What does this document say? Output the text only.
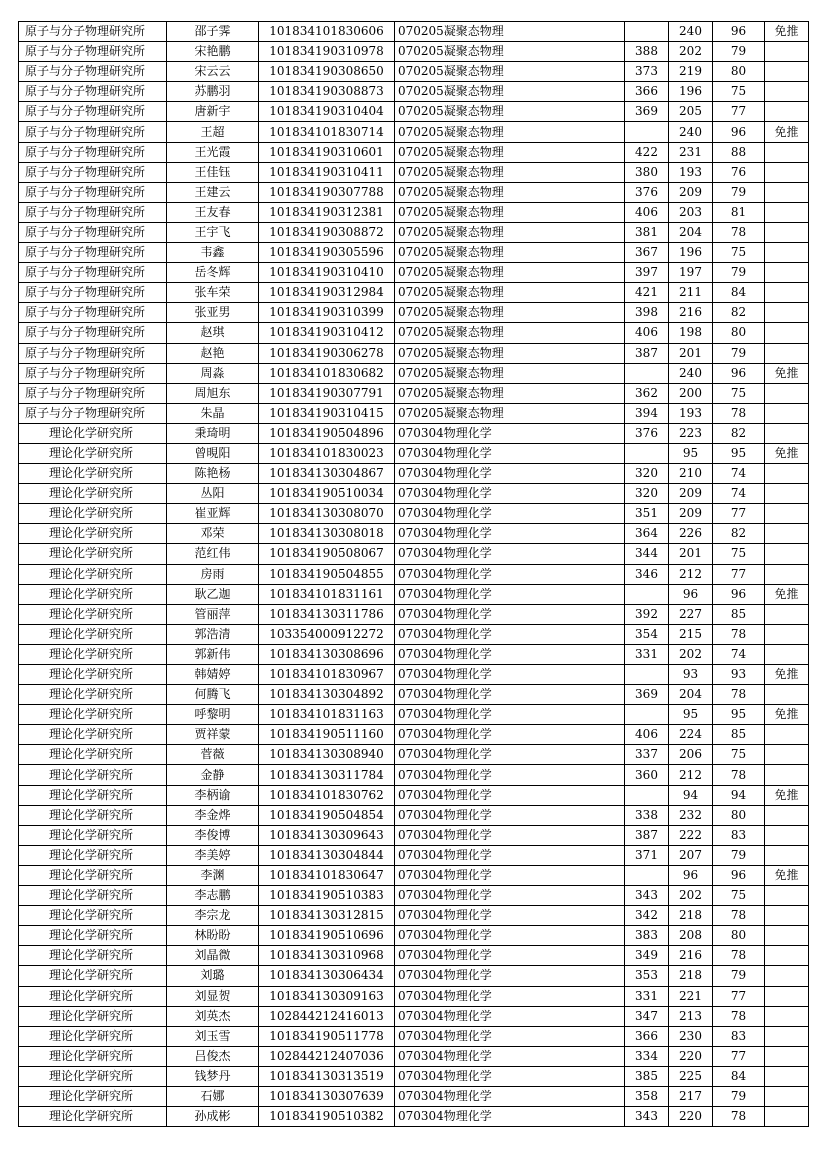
原子与分子物理研究所	邵子霁	101834101830606	070205凝聚态物理		240	96	免推
原子与分子物理研究所	宋艳鹏	101834190310978	070205凝聚态物理	388	202	79	
原子与分子物理研究所	宋云云	101834190308650	070205凝聚态物理	373	219	80	
原子与分子物理研究所	苏鹏羽	101834190308873	070205凝聚态物理	366	196	75	
原子与分子物理研究所	唐新宇	101834190310404	070205凝聚态物理	369	205	77	
原子与分子物理研究所	王超	101834101830714	070205凝聚态物理		240	96	免推
原子与分子物理研究所	王光霞	101834190310601	070205凝聚态物理	422	231	88	
原子与分子物理研究所	王佳钰	101834190310411	070205凝聚态物理	380	193	76	
原子与分子物理研究所	王建云	101834190307788	070205凝聚态物理	376	209	79	
原子与分子物理研究所	王友春	101834190312381	070205凝聚态物理	406	203	81	
原子与分子物理研究所	王宇飞	101834190308872	070205凝聚态物理	381	204	78	
原子与分子物理研究所	韦鑫	101834190305596	070205凝聚态物理	367	196	75	
原子与分子物理研究所	岳冬辉	101834190310410	070205凝聚态物理	397	197	79	
原子与分子物理研究所	张车荣	101834190312984	070205凝聚态物理	421	211	84	
原子与分子物理研究所	张亚男	101834190310399	070205凝聚态物理	398	216	82	
原子与分子物理研究所	赵琪	101834190310412	070205凝聚态物理	406	198	80	
原子与分子物理研究所	赵艳	101834190306278	070205凝聚态物理	387	201	79	
原子与分子物理研究所	周淼	101834101830682	070205凝聚态物理		240	96	免推
原子与分子物理研究所	周旭东	101834190307791	070205凝聚态物理	362	200	75	
原子与分子物理研究所	朱晶	101834190310415	070205凝聚态物理	394	193	78	
理论化学研究所	秉琦明	101834190504896	070304物理化学	376	223	82	
理论化学研究所	曾晛阳	101834101830023	070304物理化学		95	95	免推
理论化学研究所	陈艳杨	101834130304867	070304物理化学	320	210	74	
理论化学研究所	丛阳	101834190510034	070304物理化学	320	209	74	
理论化学研究所	崔亚辉	101834130308070	070304物理化学	351	209	77	
理论化学研究所	邓荣	101834130308018	070304物理化学	364	226	82	
理论化学研究所	范红伟	101834190508067	070304物理化学	344	201	75	
理论化学研究所	房雨	101834190504855	070304物理化学	346	212	77	
理论化学研究所	耿乙迦	101834101831161	070304物理化学		96	96	免推
理论化学研究所	管丽萍	101834130311786	070304物理化学	392	227	85	
理论化学研究所	郭浩清	103354000912272	070304物理化学	354	215	78	
理论化学研究所	郭新伟	101834130308696	070304物理化学	331	202	74	
理论化学研究所	韩婧婷	101834101830967	070304物理化学		93	93	免推
理论化学研究所	何腾飞	101834130304892	070304物理化学	369	204	78	
理论化学研究所	呼黎明	101834101831163	070304物理化学		95	95	免推
理论化学研究所	贾祥蒙	101834190511160	070304物理化学	406	224	85	
理论化学研究所	菅薇	101834130308940	070304物理化学	337	206	75	
理论化学研究所	金静	101834130311784	070304物理化学	360	212	78	
理论化学研究所	李柄谕	101834101830762	070304物理化学		94	94	免推
理论化学研究所	李金烨	101834190504854	070304物理化学	338	232	80	
理论化学研究所	李俊博	101834130309643	070304物理化学	387	222	83	
理论化学研究所	李美婷	101834130304844	070304物理化学	371	207	79	
理论化学研究所	李渊	101834101830647	070304物理化学		96	96	免推
理论化学研究所	李志鹏	101834190510383	070304物理化学	343	202	75	
理论化学研究所	李宗龙	101834130312815	070304物理化学	342	218	78	
理论化学研究所	林盼盼	101834190510696	070304物理化学	383	208	80	
理论化学研究所	刘晶微	101834130310968	070304物理化学	349	216	78	
理论化学研究所	刘璐	101834130306434	070304物理化学	353	218	79	
理论化学研究所	刘显贺	101834130309163	070304物理化学	331	221	77	
理论化学研究所	刘英杰	102844212416013	070304物理化学	347	213	78	
理论化学研究所	刘玉雪	101834190511778	070304物理化学	366	230	83	
理论化学研究所	吕俊杰	102844212407036	070304物理化学	334	220	77	
理论化学研究所	钱梦丹	101834130313519	070304物理化学	385	225	84	
理论化学研究所	石娜	101834130307639	070304物理化学	358	217	79	
理论化学研究所	孙成彬	101834190510382	070304物理化学	343	220	78	
